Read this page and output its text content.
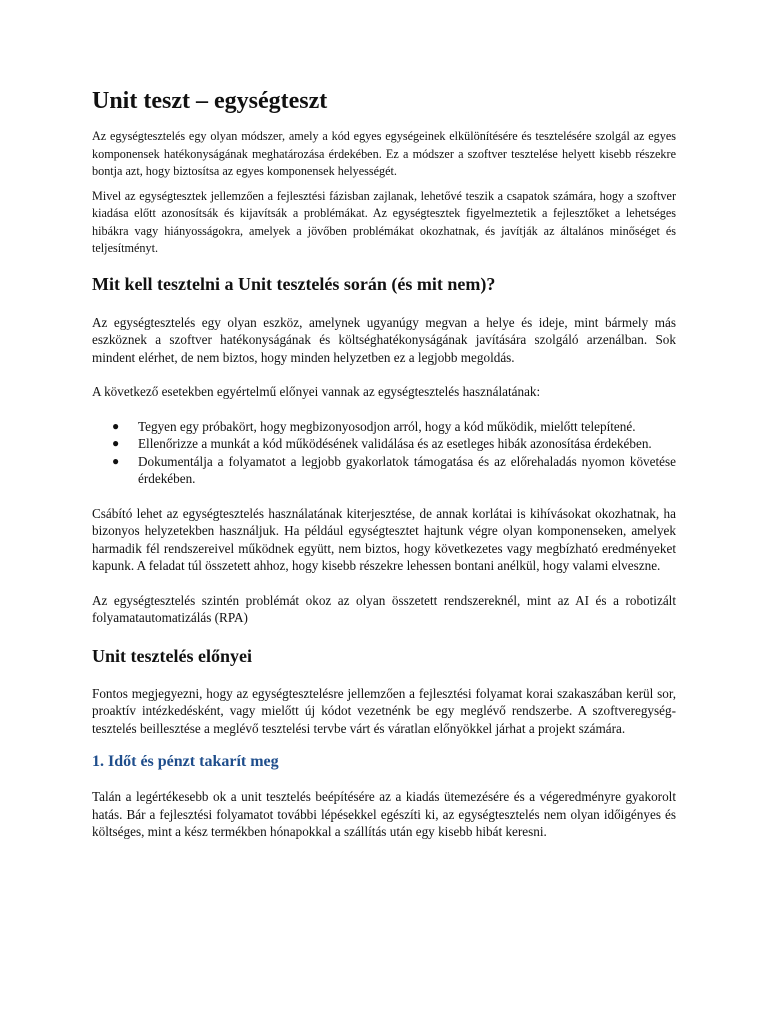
Unit teszt – egységteszt

Az egységtesztelés egy olyan módszer, amely a kód egyes egységeinek elkülönítésére és tesztelésére szolgál az egyes komponensek hatékonyságának meghatározása érdekében. Ez a módszer a szoftver tesztelése helyett kisebb részekre bontja azt, hogy biztosítsa az egyes komponensek helyességét.

Mivel az egységtesztek jellemzően a fejlesztési fázisban zajlanak, lehetővé teszik a csapatok számára, hogy a szoftver kiadása előtt azonosítsák és kijavítsák a problémákat. Az egységtesztek figyelmeztetik a fejlesztőket a lehetséges hibákra vagy hiányosságokra, amelyek a jövőben problémákat okozhatnak, és javítják az általános minőséget és teljesítményt.

Mit kell tesztelni a Unit tesztelés során (és mit nem)?

Az egységtesztelés egy olyan eszköz, amelynek ugyanúgy megvan a helye és ideje, mint bármely más eszköznek a szoftver hatékonyságának és költséghatékonyságának javítására szolgáló arzenálban. Sok mindent elérhet, de nem biztos, hogy minden helyzetben ez a legjobb megoldás.

A következő esetekben egyértelmű előnyei vannak az egységtesztelés használatának:

● Tegyen egy próbakört, hogy megbizonyosodjon arról, hogy a kód működik, mielőtt telepítené.
● Ellenőrizze a munkát a kód működésének validálása és az esetleges hibák azonosítása érdekében.
● Dokumentálja a folyamatot a legjobb gyakorlatok támogatása és az előrehaladás nyomon követése érdekében.

Csábító lehet az egységtesztelés használatának kiterjesztése, de annak korlátai is kihívásokat okozhatnak, ha bizonyos helyzetekben használjuk. Ha például egységtesztet hajtunk végre olyan komponenseken, amelyek harmadik fél rendszereivel működnek együtt, nem biztos, hogy következetes vagy megbízható eredményeket kapunk. A feladat túl összetett ahhoz, hogy kisebb részekre lehessen bontani anélkül, hogy valami elveszne.

Az egységtesztelés szintén problémát okoz az olyan összetett rendszereknél, mint az AI és a robotizált folyamatautomatizálás (RPA)

Unit tesztelés előnyei

Fontos megjegyezni, hogy az egységtesztelésre jellemzően a fejlesztési folyamat korai szakaszában kerül sor, proaktív intézkedésként, vagy mielőtt új kódot vezetnénk be egy meglévő rendszerbe. A szoftveregység-tesztelés beillesztése a meglévő tesztelési tervbe várt és váratlan előnyökkel járhat a projekt számára.

1. Időt és pénzt takarít meg

Talán a legértékesebb ok a unit tesztelés beépítésére az a kiadás ütemezésére és a végeredményre gyakorolt hatás. Bár a fejlesztési folyamatot további lépésekkel egészíti ki, az egységtesztelés nem olyan időigényes és költséges, mint a kész termékben hónapokkal a szállítás után egy kisebb hibát keresni.
